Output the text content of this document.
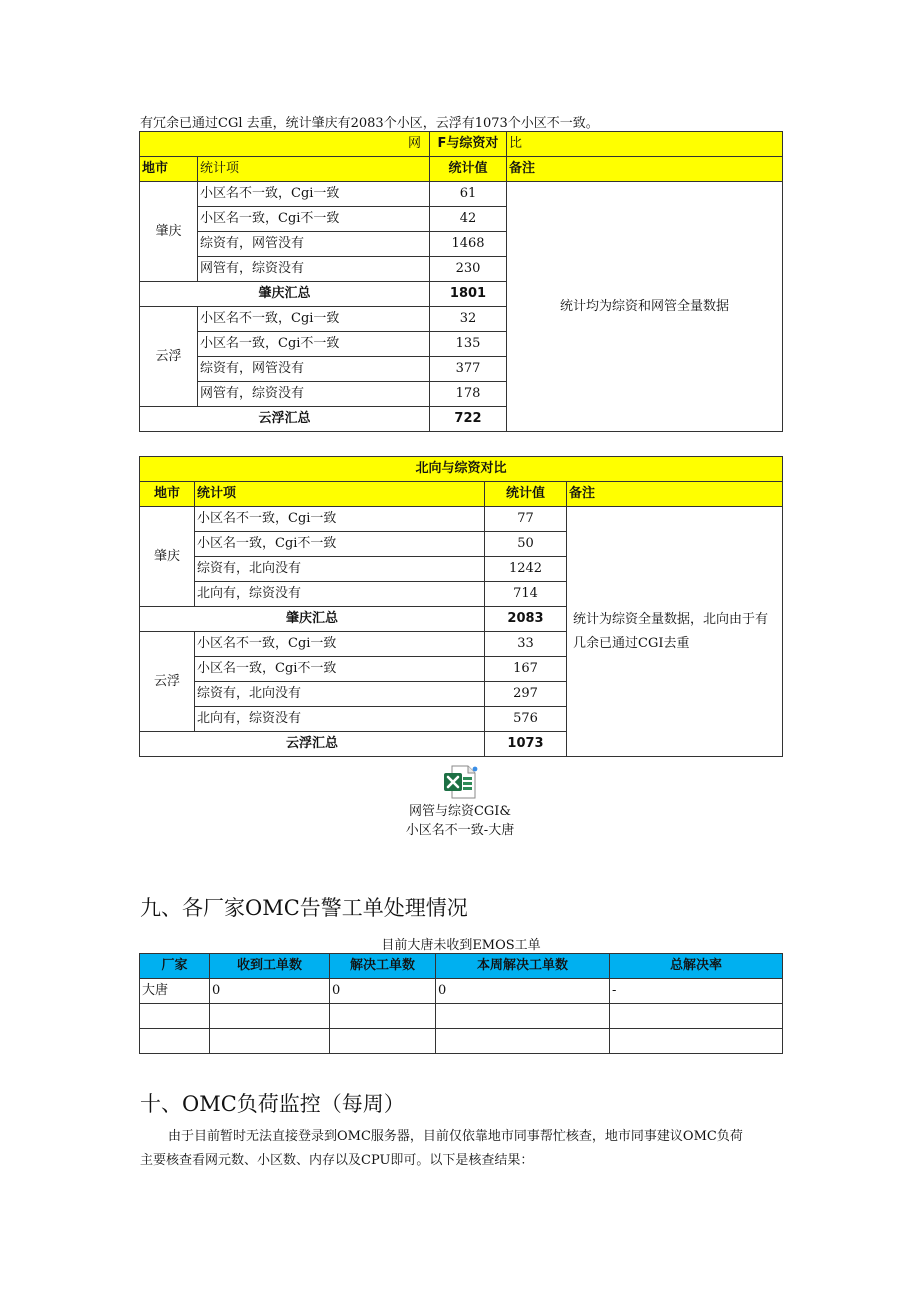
有冗余已通过CGl 去重，统计肇庆有2083个小区，云浮有1073个小区不一致。
	网	F与综资对	比
地市	统计项	统计值	备注
肇庆	小区名不一致，Cgi一致	61	统计均为综资和网管全量数据
	小区名一致，Cgi不一致	42	
	综资有，网管没有	1468	
	网管有，综资没有	230	
肇庆汇总		1801	
云浮	小区名不一致，Cgi一致	32	
	小区名一致，Cgi不一致	135	
	综资有，网管没有	377	
	网管有，综资没有	178	
云浮汇总		722	
北向与综资对比			
地市	统计项	统计值	备注
肇庆	小区名不一致，Cgi一致	77	统计为综资全量数据，北向由于有几余已通过CGI去重
	小区名一致，Cgi不一致	50	
	综资有，北向没有	1242	
	北向有，综资没有	714	
肇庆汇总		2083	
云浮	小区名不一致，Cgi一致	33	
	小区名一致，Cgi不一致	167	
	综资有，北向没有	297	
	北向有，综资没有	576	
云浮汇总		1073	
网管与综资CGI&
小区名不一致-大唐
九、各厂家OMC告警工单处理情况
目前大唐未收到EMOS工单
厂家	收到工单数	解决工单数	本周解决工单数	总解决率
大唐	0	0	0	-

十、OMC负荷监控（每周）
由于目前暂时无法直接登录到OMC服务器，目前仅依靠地市同事帮忙核查，地市同事建议OMC负荷
主要核查看网元数、小区数、内存以及CPU即可。以下是核查结果：
